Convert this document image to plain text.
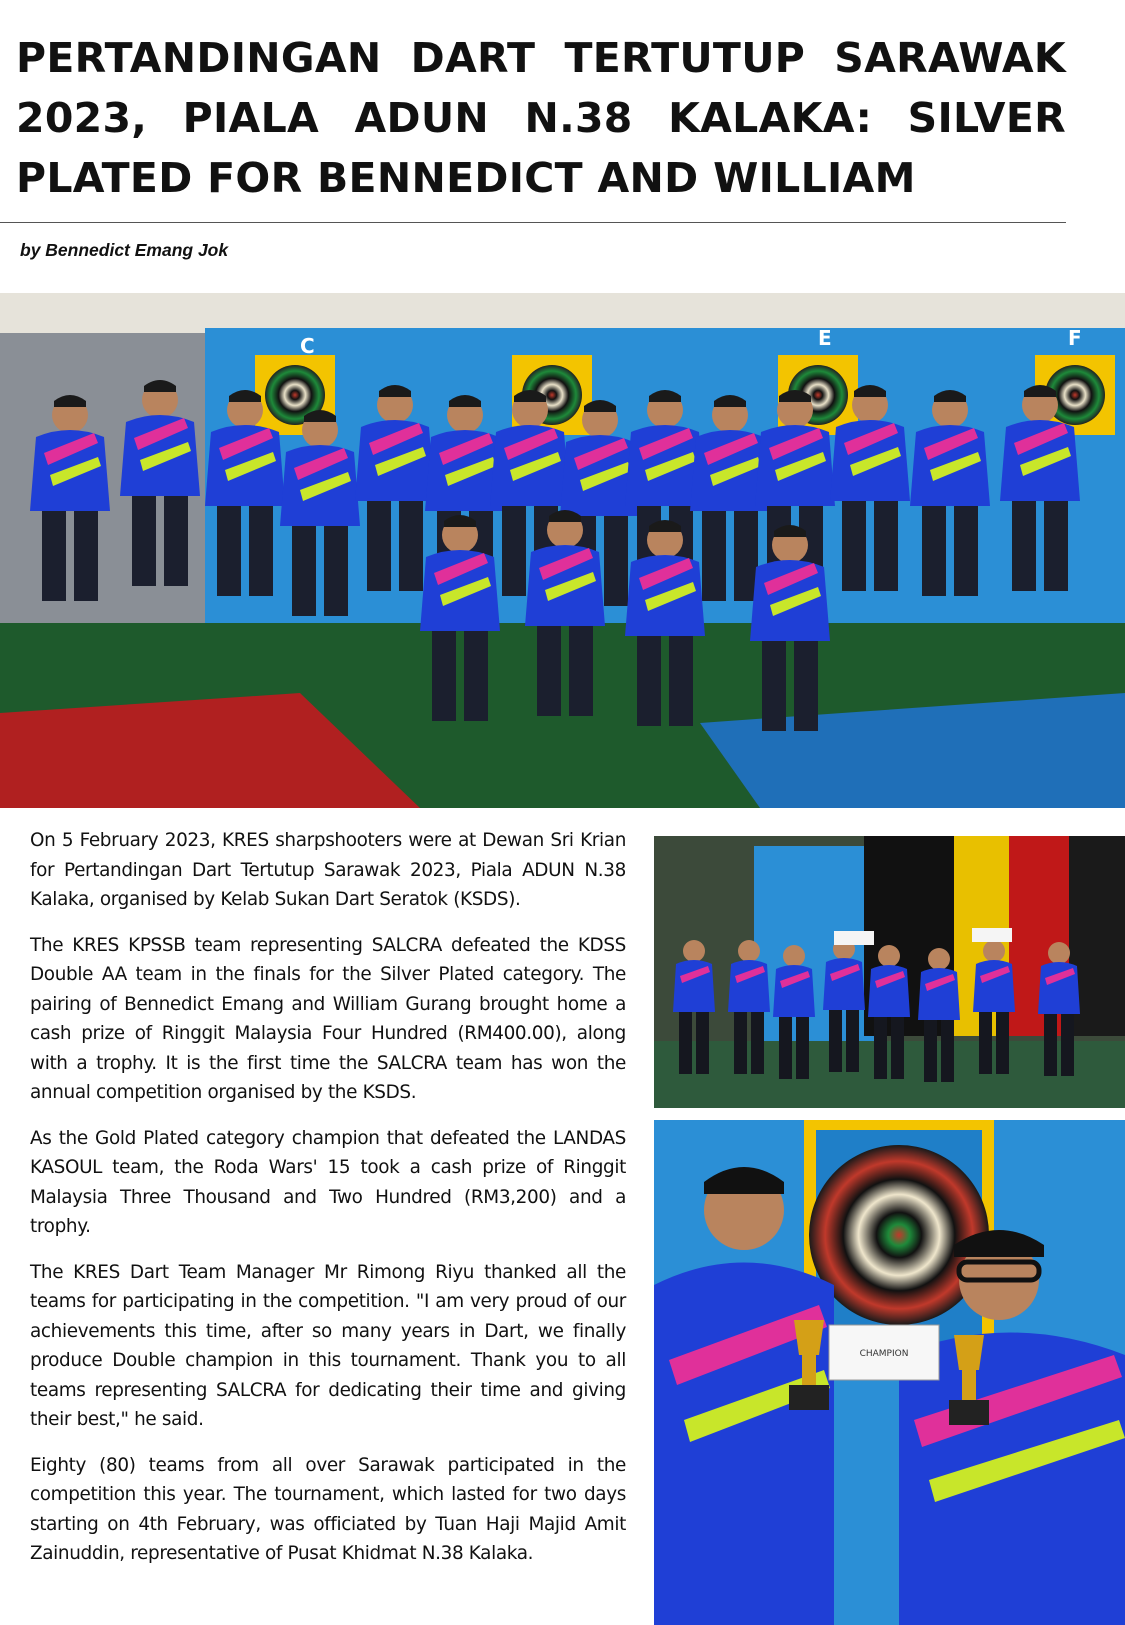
PERTANDINGAN DART TERTUTUP SARAWAK 2023, PIALA ADUN N.38 KALAKA: SILVER PLATED FOR BENNEDICT AND WILLIAM
by Bennedict Emang Jok
C	E	F

On 5 February 2023, KRES sharpshooters were at Dewan Sri Krian for Pertandingan Dart Tertutup Sarawak 2023, Piala ADUN N.38 Kalaka, organised by Kelab Sukan Dart Seratok (KSDS).

The KRES KPSSB team representing SALCRA defeated the KDSS Double AA team in the finals for the Silver Plated category. The pairing of Bennedict Emang and William Gurang brought home a cash prize of Ringgit Malaysia Four Hundred (RM400.00), along with a trophy. It is the first time the SALCRA team has won the annual competition organised by the KSDS.

As the Gold Plated category champion that defeated the LANDAS KASOUL team, the Roda Wars' 15 took a cash prize of Ringgit Malaysia Three Thousand and Two Hundred (RM3,200) and a trophy.

The KRES Dart Team Manager Mr Rimong Riyu thanked all the teams for participating in the competition. "I am very proud of our achievements this time, after so many years in Dart, we finally produce Double champion in this tournament. Thank you to all teams representing SALCRA for dedicating their time and giving their best," he said.

Eighty (80) teams from all over Sarawak participated in the competition this year. The tournament, which lasted for two days starting on 4th February, was officiated by Tuan Haji Majid Amit Zainuddin, representative of Pusat Khidmat N.38 Kalaka.

CHAMPION
